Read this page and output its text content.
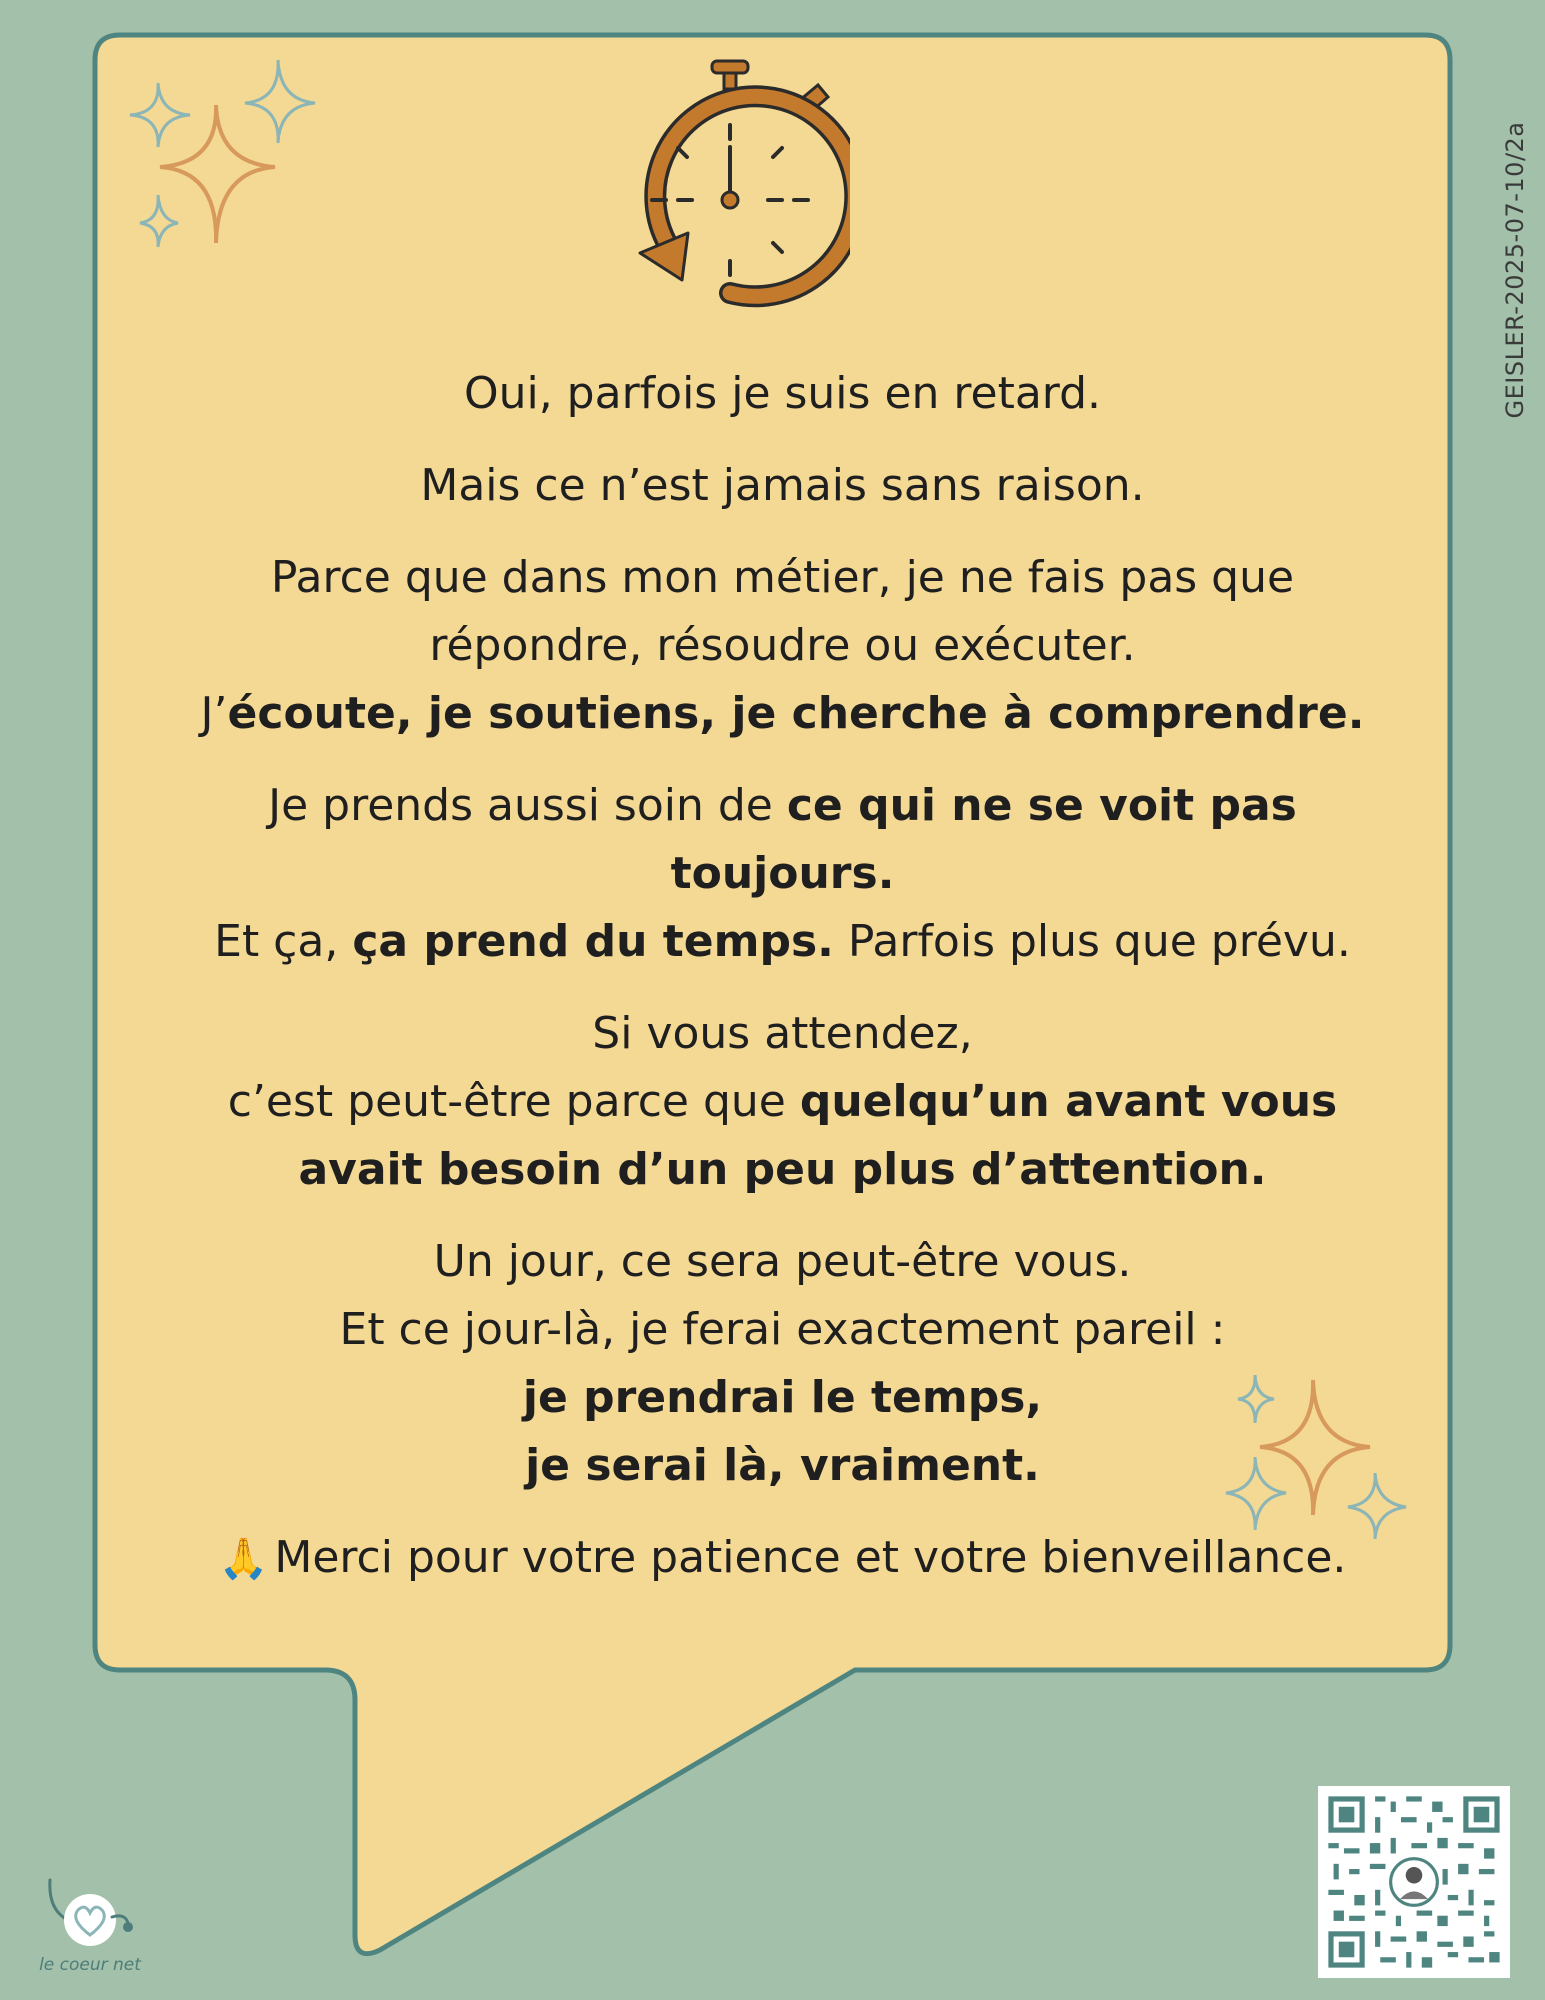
Oui, parfois je suis en retard.

Mais ce n’est jamais sans raison.

Parce que dans mon métier, je ne fais pas que
répondre, résoudre ou exécuter.
J’écoute, je soutiens, je cherche à comprendre.

Je prends aussi soin de ce qui ne se voit pas toujours.
Et ça, ça prend du temps. Parfois plus que prévu.

Si vous attendez,
c’est peut-être parce que quelqu’un avant vous avait besoin d’un peu plus d’attention.

Un jour, ce sera peut-être vous.
Et ce jour-là, je ferai exactement pareil :
je prendrai le temps,
je serai là, vraiment.

🙏 Merci pour votre patience et votre bienveillance.

GEISLER-2025-07-10/2a
le coeur net
